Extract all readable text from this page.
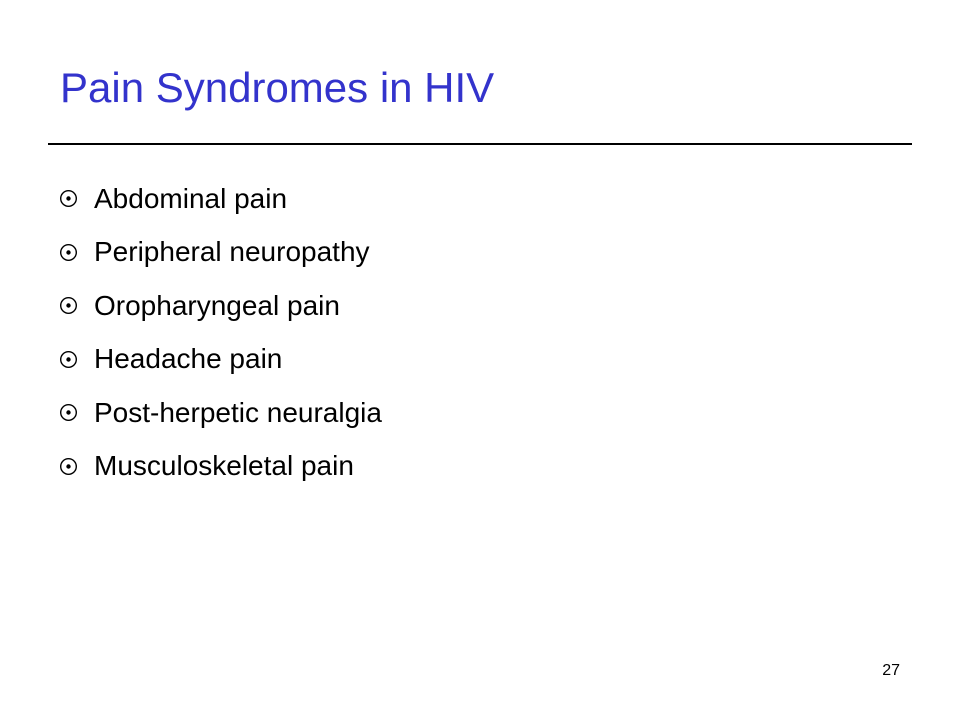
Pain Syndromes in HIV
Abdominal pain
Peripheral neuropathy
Oropharyngeal pain
Headache pain
Post-herpetic neuralgia
Musculoskeletal pain
27
